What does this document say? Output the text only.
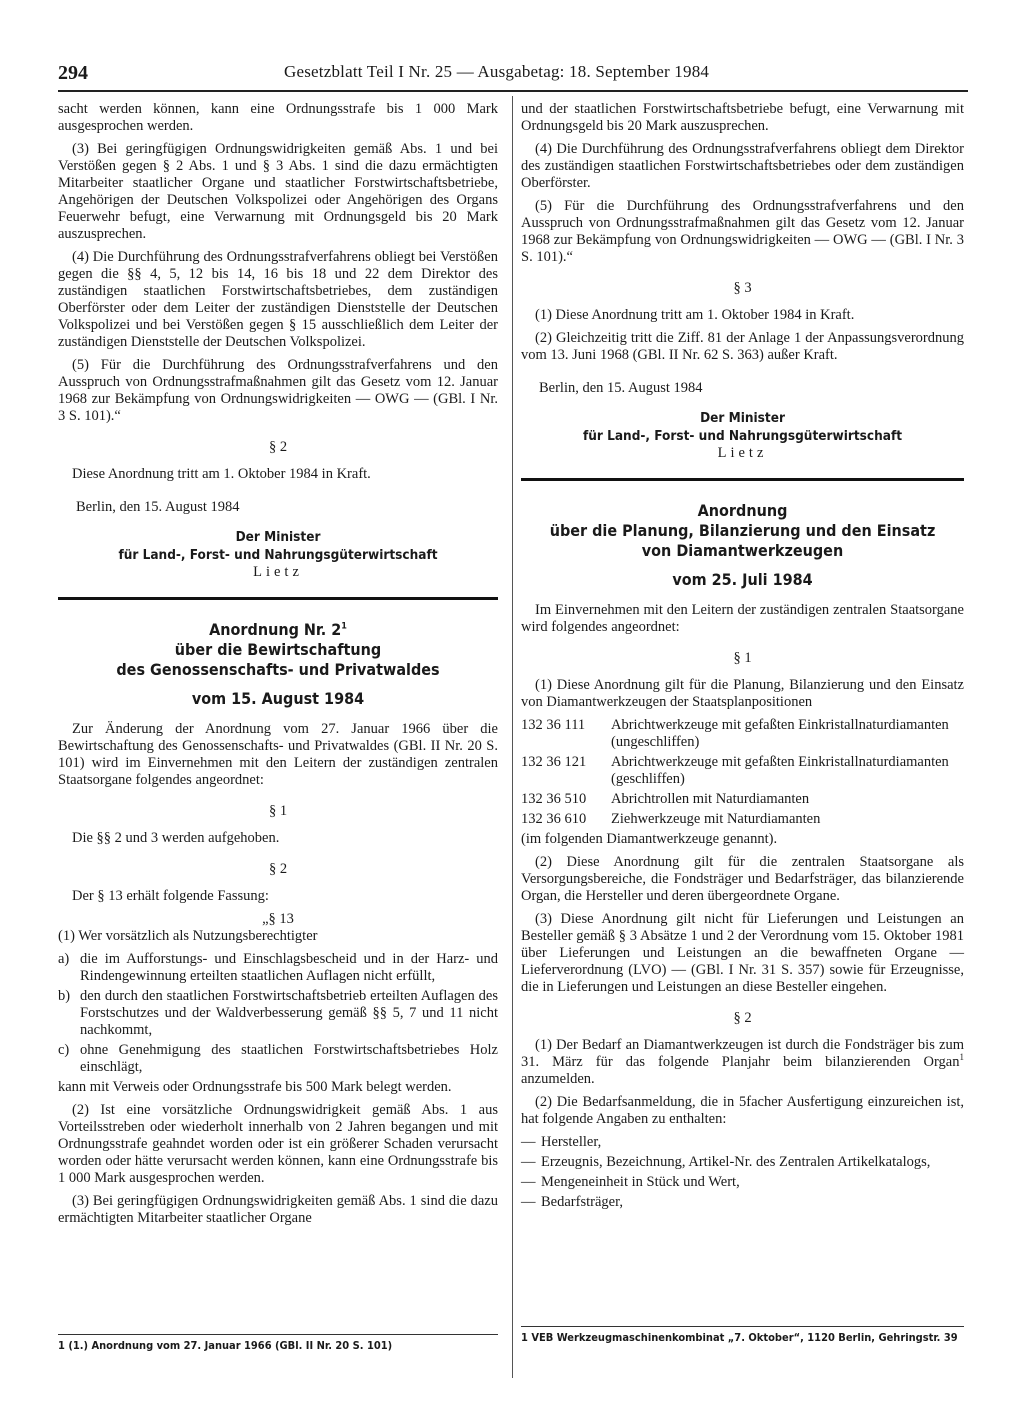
294	Gesetzblatt Teil I Nr. 25 — Ausgabetag: 18. September 1984

sacht werden können, kann eine Ordnungsstrafe bis 1 000 Mark ausgesprochen werden.

(3) Bei geringfügigen Ordnungswidrigkeiten gemäß Abs. 1 und bei Verstößen gegen § 2 Abs. 1 und § 3 Abs. 1 sind die dazu ermächtigten Mitarbeiter staatlicher Organe und staatlicher Forstwirtschaftsbetriebe, Angehörigen der Deutschen Volkspolizei oder Angehörigen des Organs Feuerwehr befugt, eine Verwarnung mit Ordnungsgeld bis 20 Mark auszusprechen.

(4) Die Durchführung des Ordnungsstrafverfahrens obliegt bei Verstößen gegen die §§ 4, 5, 12 bis 14, 16 bis 18 und 22 dem Direktor des zuständigen staatlichen Forstwirtschaftsbetriebes, dem zuständigen Oberförster oder dem Leiter der zuständigen Dienststelle der Deutschen Volkspolizei und bei Verstößen gegen § 15 ausschließlich dem Leiter der zuständigen Dienststelle der Deutschen Volkspolizei.

(5) Für die Durchführung des Ordnungsstrafverfahrens und den Ausspruch von Ordnungsstrafmaßnahmen gilt das Gesetz vom 12. Januar 1968 zur Bekämpfung von Ordnungswidrigkeiten — OWG — (GBl. I Nr. 3 S. 101).“

§ 2

Diese Anordnung tritt am 1. Oktober 1984 in Kraft.

Berlin, den 15. August 1984

Der Minister
für Land-, Forst- und Nahrungsgüterwirtschaft
Lietz
Anordnung Nr. $2^1$
über die Bewirtschaftung
des Genossenschafts- und Privatwaldes
vom 15. August 1984

Zur Änderung der Anordnung vom 27. Januar 1966 über die Bewirtschaftung des Genossenschafts- und Privatwaldes (GBl. II Nr. 20 S. 101) wird im Einvernehmen mit den Leitern der zuständigen zentralen Staatsorgane folgendes angeordnet:

§ 1

Die §§ 2 und 3 werden aufgehoben.

§ 2

Der § 13 erhält folgende Fassung:

„§ 13

(1) Wer vorsätzlich als Nutzungsberechtigter

a) die im Aufforstungs- und Einschlagsbescheid und in der Harz- und Rindengewinnung erteilten staatlichen Auflagen nicht erfüllt,
b) den durch den staatlichen Forstwirtschaftsbetrieb erteilten Auflagen des Forstschutzes und der Waldverbesserung gemäß §§ 5, 7 und 11 nicht nachkommt,
c) ohne Genehmigung des staatlichen Forstwirtschaftsbetriebes Holz einschlägt,

kann mit Verweis oder Ordnungsstrafe bis 500 Mark belegt werden.

(2) Ist eine vorsätzliche Ordnungswidrigkeit gemäß Abs. 1 aus Vorteilsstreben oder wiederholt innerhalb von 2 Jahren begangen und mit Ordnungsstrafe geahndet worden oder ist ein größerer Schaden verursacht worden oder hätte verursacht werden können, kann eine Ordnungsstrafe bis 1 000 Mark ausgesprochen werden.

(3) Bei geringfügigen Ordnungswidrigkeiten gemäß Abs. 1 sind die dazu ermächtigten Mitarbeiter staatlicher Organe

1 (1.) Anordnung vom 27. Januar 1966 (GBl. II Nr. 20 S. 101)

und der staatlichen Forstwirtschaftsbetriebe befugt, eine Verwarnung mit Ordnungsgeld bis 20 Mark auszusprechen.

(4) Die Durchführung des Ordnungsstrafverfahrens obliegt dem Direktor des zuständigen staatlichen Forstwirtschaftsbetriebes oder dem zuständigen Oberförster.

(5) Für die Durchführung des Ordnungsstrafverfahrens und den Ausspruch von Ordnungsstrafmaßnahmen gilt das Gesetz vom 12. Januar 1968 zur Bekämpfung von Ordnungswidrigkeiten — OWG — (GBl. I Nr. 3 S. 101).“

§ 3

(1) Diese Anordnung tritt am 1. Oktober 1984 in Kraft.

(2) Gleichzeitig tritt die Ziff. 81 der Anlage 1 der Anpassungsverordnung vom 13. Juni 1968 (GBl. II Nr. 62 S. 363) außer Kraft.

Berlin, den 15. August 1984

Der Minister
für Land-, Forst- und Nahrungsgüterwirtschaft
Lietz
Anordnung
über die Planung, Bilanzierung und den Einsatz
von Diamantwerkzeugen
vom 25. Juli 1984

Im Einvernehmen mit den Leitern der zuständigen zentralen Staatsorgane wird folgendes angeordnet:

§ 1

(1) Diese Anordnung gilt für die Planung, Bilanzierung und den Einsatz von Diamantwerkzeugen der Staatsplanpositionen

132 36 111	Abrichtwerkzeuge mit gefaßten Einkristallnaturdiamanten (ungeschliffen)
132 36 121	Abrichtwerkzeuge mit gefaßten Einkristallnaturdiamanten (geschliffen)
132 36 510	Abrichtrollen mit Naturdiamanten
132 36 610	Ziehwerkzeuge mit Naturdiamanten

(im folgenden Diamantwerkzeuge genannt).

(2) Diese Anordnung gilt für die zentralen Staatsorgane als Versorgungsbereiche, die Fondsträger und Bedarfsträger, das bilanzierende Organ, die Hersteller und deren übergeordnete Organe.

(3) Diese Anordnung gilt nicht für Lieferungen und Leistungen an Besteller gemäß § 3 Absätze 1 und 2 der Verordnung vom 15. Oktober 1981 über Lieferungen und Leistungen an die bewaffneten Organe — Lieferverordnung (LVO) — (GBl. I Nr. 31 S. 357) sowie für Erzeugnisse, die in Lieferungen und Leistungen an diese Besteller eingehen.

§ 2

(1) Der Bedarf an Diamantwerkzeugen ist durch die Fondsträger bis zum 31. März für das folgende Planjahr beim bilanzierenden Organ$^1$ anzumelden.

(2) Die Bedarfsanmeldung, die in 5facher Ausfertigung einzureichen ist, hat folgende Angaben zu enthalten:

— Hersteller,
— Erzeugnis, Bezeichnung, Artikel-Nr. des Zentralen Artikelkatalogs,
— Mengeneinheit in Stück und Wert,
— Bedarfsträger,
1 VEB Werkzeugmaschinenkombinat „7. Oktober“, 1120 Berlin, Gehringstr. 39
